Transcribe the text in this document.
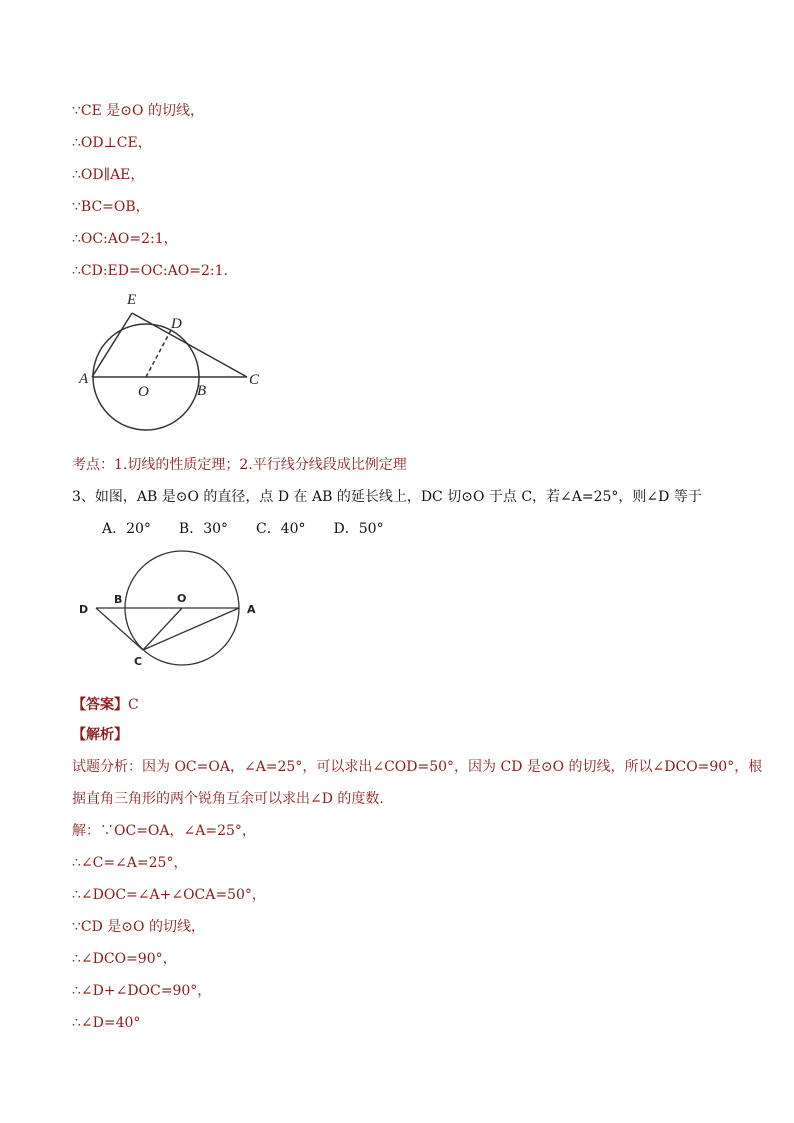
∵CE 是⊙O 的切线，

∴OD⊥CE，

∴OD∥AE，

∵BC=OB，

∴OC:AO=2:1，

∴CD:ED=OC:AO=2:1.

E
D
A
O	B
C

考点：1.切线的性质定理；2.平行线分线段成比例定理

3、如图，AB 是⊙O 的直径，点 D 在 AB 的延长线上，DC 切⊙O 于点 C，若∠A=25°，则∠D 等于

A．20°　　B．30°　　C．40°　　D．50°

D
B	O
A
C

【答案】C

【解析】

试题分析：因为 OC=OA，∠A=25°，可以求出∠COD=50°，因为 CD 是⊙O 的切线，所以∠DCO=90°，根

据直角三角形的两个锐角互余可以求出∠D 的度数.

解：∵OC=OA，∠A=25°，

∴∠C=∠A=25°，

∴∠DOC=∠A+∠OCA=50°，

∵CD 是⊙O 的切线，

∴∠DCO=90°，

∴∠D+∠DOC=90°，

∴∠D=40°
